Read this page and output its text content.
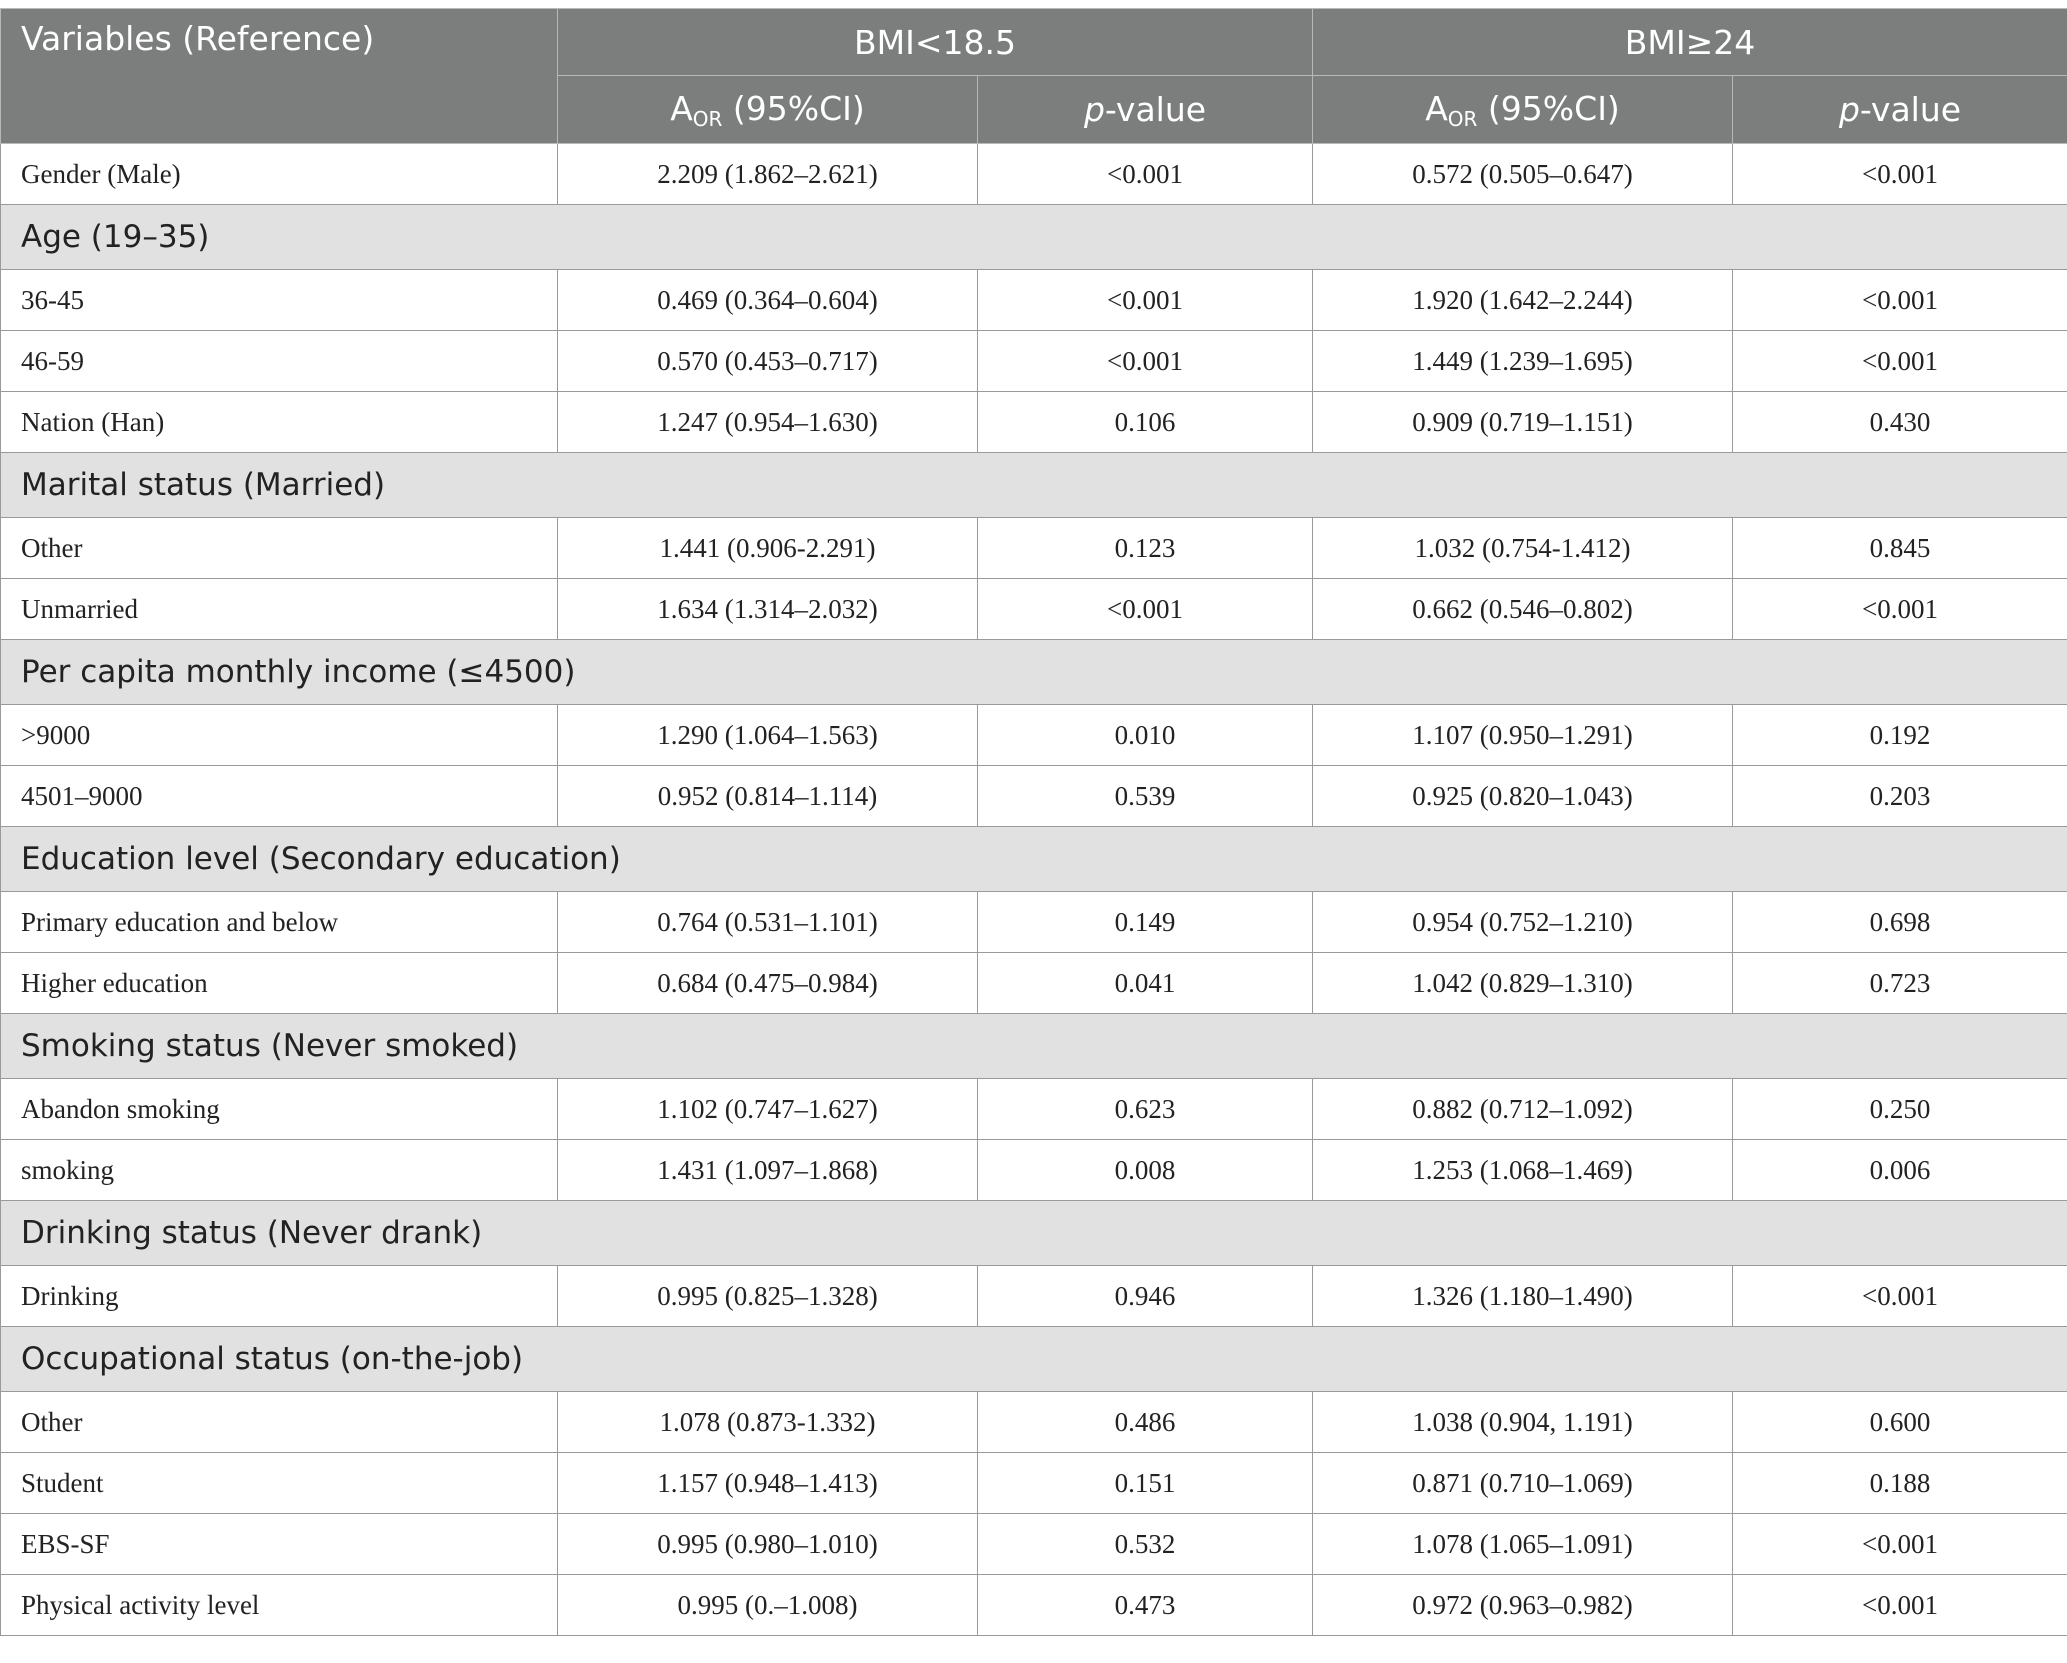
Variables (Reference)	BMI<18.5		BMI≥24	
	$A_{OR}$ (95%CI)	p-value	$A_{OR}$ (95%CI)	p-value
Gender (Male)	2.209 (1.862–2.621)	<0.001	0.572 (0.505–0.647)	<0.001
Age (19–35)				
36-45	0.469 (0.364–0.604)	<0.001	1.920 (1.642–2.244)	<0.001
46-59	0.570 (0.453–0.717)	<0.001	1.449 (1.239–1.695)	<0.001
Nation (Han)	1.247 (0.954–1.630)	0.106	0.909 (0.719–1.151)	0.430
Marital status (Married)				
Other	1.441 (0.906-2.291)	0.123	1.032 (0.754-1.412)	0.845
Unmarried	1.634 (1.314–2.032)	<0.001	0.662 (0.546–0.802)	<0.001
Per capita monthly income (≤4500)				
>9000	1.290 (1.064–1.563)	0.010	1.107 (0.950–1.291)	0.192
4501–9000	0.952 (0.814–1.114)	0.539	0.925 (0.820–1.043)	0.203
Education level (Secondary education)				
Primary education and below	0.764 (0.531–1.101)	0.149	0.954 (0.752–1.210)	0.698
Higher education	0.684 (0.475–0.984)	0.041	1.042 (0.829–1.310)	0.723
Smoking status (Never smoked)				
Abandon smoking	1.102 (0.747–1.627)	0.623	0.882 (0.712–1.092)	0.250
smoking	1.431 (1.097–1.868)	0.008	1.253 (1.068–1.469)	0.006
Drinking status (Never drank)				
Drinking	0.995 (0.825–1.328)	0.946	1.326 (1.180–1.490)	<0.001
Occupational status (on-the-job)				
Other	1.078 (0.873-1.332)	0.486	1.038 (0.904, 1.191)	0.600
Student	1.157 (0.948–1.413)	0.151	0.871 (0.710–1.069)	0.188
EBS-SF	0.995 (0.980–1.010)	0.532	1.078 (1.065–1.091)	<0.001
Physical activity level	0.995 (0.–1.008)	0.473	0.972 (0.963–0.982)	<0.001
